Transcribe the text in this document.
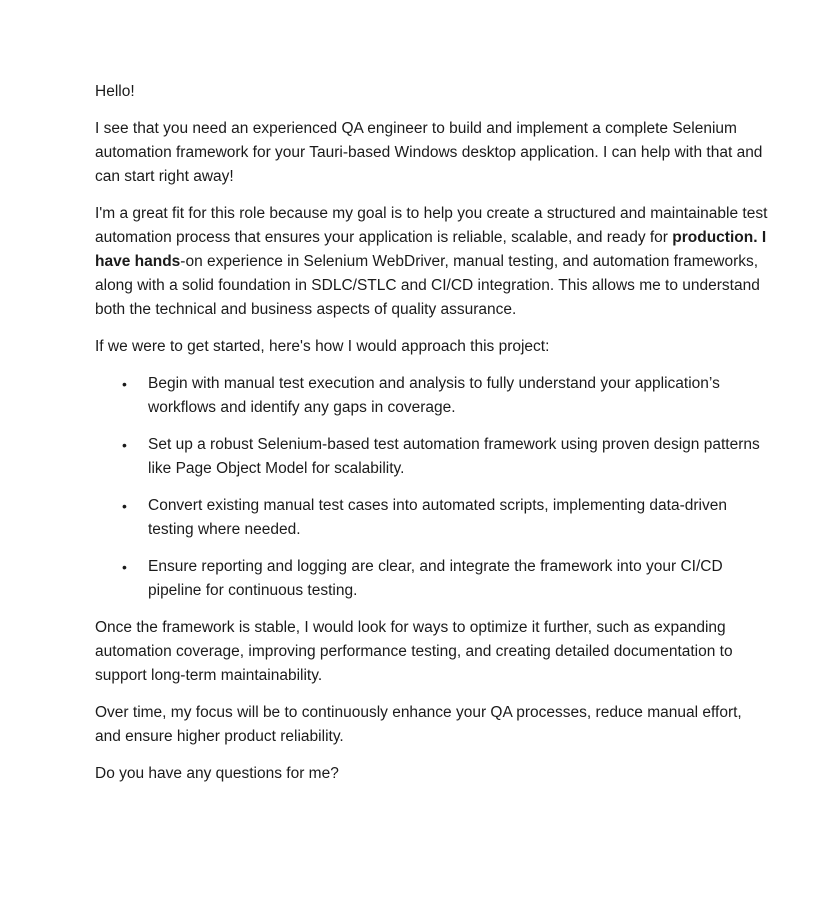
Hello!

I see that you need an experienced QA engineer to build and implement a complete Selenium automation framework for your Tauri-based Windows desktop application. I can help with that and can start right away!

I'm a great fit for this role because my goal is to help you create a structured and maintainable test automation process that ensures your application is reliable, scalable, and ready for production. I have hands-on experience in Selenium WebDriver, manual testing, and automation frameworks, along with a solid foundation in SDLC/STLC and CI/CD integration. This allows me to understand both the technical and business aspects of quality assurance.

If we were to get started, here's how I would approach this project:

• Begin with manual test execution and analysis to fully understand your application’s workflows and identify any gaps in coverage.
• Set up a robust Selenium-based test automation framework using proven design patterns like Page Object Model for scalability.
• Convert existing manual test cases into automated scripts, implementing data-driven testing where needed.
• Ensure reporting and logging are clear, and integrate the framework into your CI/CD pipeline for continuous testing.

Once the framework is stable, I would look for ways to optimize it further, such as expanding automation coverage, improving performance testing, and creating detailed documentation to support long-term maintainability.

Over time, my focus will be to continuously enhance your QA processes, reduce manual effort, and ensure higher product reliability.

Do you have any questions for me?
